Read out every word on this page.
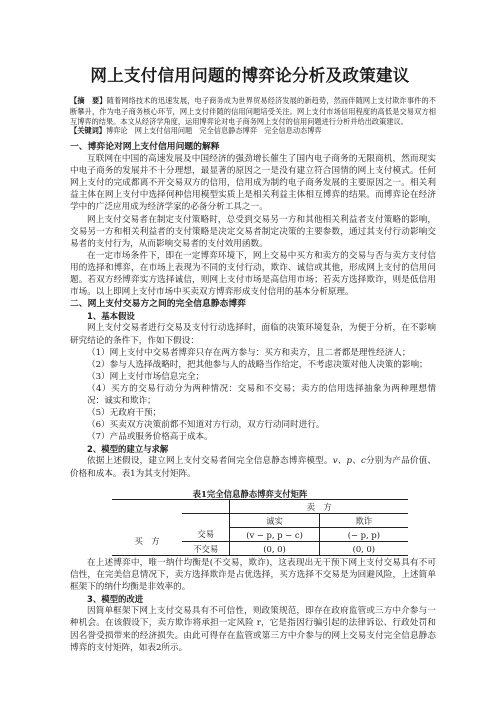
网上支付信用问题的博弈论分析及政策建议
【摘　要】随着网络技术的迅速发展，电子商务成为世界贸易经济发展的新趋势，然而伴随网上支付欺诈事件的不断攀升，作为电子商务核心环节，网上支付伴随的信用问题培受关注。网上支付市场信用程度的高低是交易双方相互博弈的结果。本文从经济学角度，运用博弈论对电子商务网上支付的信用问题进行分析并给出政策建议。
【关键词】博弈论　网上支付信用问题　完全信息静态博弈　完全信息动态博弈

一、博弈论对网上支付信用问题的解释

互联网在中国的高速发展及中国经济的强劲增长催生了国内电子商务的无限商机，然而现实中电子商务的发展并不十分理想，最显著的原因之一是没有建立符合国情的网上支付模式。任何网上支付的完成都离不开交易双方的信用，信用成为制约电子商务发展的主要原因之一。相关利益主体在网上支付中选择何种信用模型实质上是相关利益主体相互博弈的结果。而博弈论在经济学中的广泛应用成为经济学家的必备分析工具之一。

网上支付交易者在制定支付策略时，总受到交易另一方和其他相关利益者支付策略的影响，交易另一方和相关利益者的支付策略是决定交易者制定决策的主要参数，通过其支付行动影响交易者的支付行为，从而影响交易者的支付效用函数。

在一定市场条件下，即在一定博弈环境下，网上交易中买方和卖方的交易与否与卖方支付信用的选择和博弈，在市场上表现为不同的支付行动，欺诈、诚信或其他，形成网上支付的信用问题。若双方经博弈实方选择诚信，则网上支付市场是高信用市场；若卖方选择欺诈，则是低信用市场。以上即网上支付市场中买卖双方博弈形成支付信用的基本分析原理。

二、网上支付交易方之间的完全信息静态博弈

1、基本假设

网上支付交易者进行交易及支付行动选择时，面临的决策环境复杂，为便于分析，在不影响研究结论的条件下，作如下假设：

（1）网上支付中交易者博弈只存在两方参与：买方和卖方，且二者都是理性经济人；

（2）参与人选择战略时，把其他参与人的战略当作给定，不考虑决策对他人决策的影响；

（3）网上支付市场信息完全；

（4）买方的交易行动分为两种情况：交易和不交易；卖方的信用选择抽象为两种理想情况：诚实和欺诈；

（5）无政府干预；

（6）买卖双方决策前都不知道对方行动，双方行动同时进行。

（7）产品或服务价格高于成本。

2、模型的建立与求解

依据上述假设，建立网上支付交易者间完全信息静态博弈模型。v、p、c分别为产品价值、价格和成本。表1为其支付矩阵。

表1完全信息静态博弈支付矩阵
		卖　方	
		诚实	欺诈
买　方	交易	(v − p, p − c)	(− p, p)
	不交易	(0, 0)	(0, 0)

在上述博弈中，唯一纳什均衡是(不交易，欺诈)，这表现出无干预下网上支付交易具有不可信性，在完美信息情况下，卖方选择欺诈是占优选择，买方选择不交易是为回避风险，上述简单框架下的纳什均衡是非效率的。

3、模型的改进

因简单框架下网上支付交易具有不可信性，则政策规范，即存在政府监管或三方中介参与一种机会。在该假设下，卖方欺诈将承担一定风险 r，它是指因行骗引起的法律诉讼、行政处罚和因名誉受损带来的经济损失。由此可得存在监管或第三方中介参与的网上交易支付完全信息静态博弈的支付矩阵，如表2所示。
